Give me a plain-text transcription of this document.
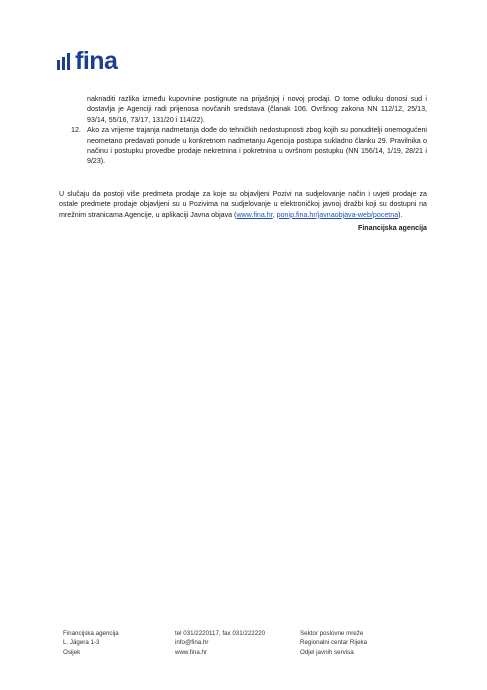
fina
naknaditi razlika između kupovnine postignute na prijašnjoj i novoj prodaji. O tome odluku donosi sud i dostavlja je Agenciji radi prijenosa novčanih sredstava (članak 106. Ovršnog zakona NN 112/12, 25/13, 93/14, 55/16, 73/17, 131/20 i 114/22).
12. Ako za vrijeme trajanja nadmetanja dođe do tehničkih nedostupnosti zbog kojih su ponuditelji onemogućeni neometano predavati ponude u konkretnom nadmetanju Agencija postupa sukladno članku 29. Pravilnika o načinu i postupku provedbe prodaje nekretnina i pokretnina u ovršnom postupku (NN 156/14, 1/19, 28/21 i 9/23).
U slučaju da postoji više predmeta prodaje za koje su objavljeni Pozivi na sudjelovanje način i uvjeti prodaje za ostale predmete prodaje objavljeni su u Pozivima na sudjelovanje u elektroničkoj javnoj dražbi koji su dostupni na mrežnim stranicama Agencije, u aplikaciji Javna objava (www.fina.hr, ponip.fina.hr/javnaobjava-web/pocetna).
Financijska agencija
Financijska agencija
L. Jägera 1-3
Osijek
tel 031/2220117, fax 031/222220
info@fina.hr
www.fina.hr
Sektor poslovne mreže
Regionalni centar Rijeka
Odjel javnih servisa
